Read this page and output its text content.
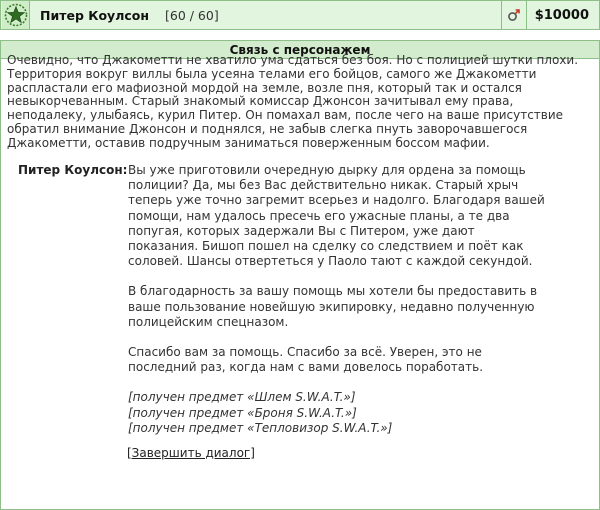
Питер Коулсон [60 / 60]	$10000
Связь с персонажем
Очевидно, что Джакометти не хватило ума сдаться без боя. Но с полицией шутки плохи. Территория вокруг виллы была усеяна телами его бойцов, самого же Джакометти распластали его мафиозной мордой на земле, возле пня, который так и остался невыкорчеванным. Старый знакомый комиссар Джонсон зачитывал ему права, неподалеку, улыбаясь, курил Питер. Он помахал вам, после чего на ваше присутствие обратил внимание Джонсон и поднялся, не забыв слегка пнуть заворочавшегося Джакометти, оставив подручным заниматься поверженным боссом мафии.
Питер Коулсон: Вы уже приготовили очередную дырку для ордена за помощь полиции? Да, мы без Вас действительно никак. Старый хрыч теперь уже точно загремит всерьез и надолго. Благодаря вашей помощи, нам удалось пресечь его ужасные планы, а те два попугая, которых задержали Вы с Питером, уже дают показания. Бишоп пошел на сделку со следствием и поёт как соловей. Шансы отвертеться у Паоло тают с каждой секундой.

В благодарность за вашу помощь мы хотели бы предоставить в ваше пользование новейшую экипировку, недавно полученную полицейским спецназом.

Спасибо вам за помощь. Спасибо за всё. Уверен, это не последний раз, когда нам с вами довелось поработать.

[получен предмет «Шлем S.W.A.T.»]
[получен предмет «Броня S.W.A.T.»]
[получен предмет «Тепловизор S.W.A.T.»]
[Завершить диалог]
